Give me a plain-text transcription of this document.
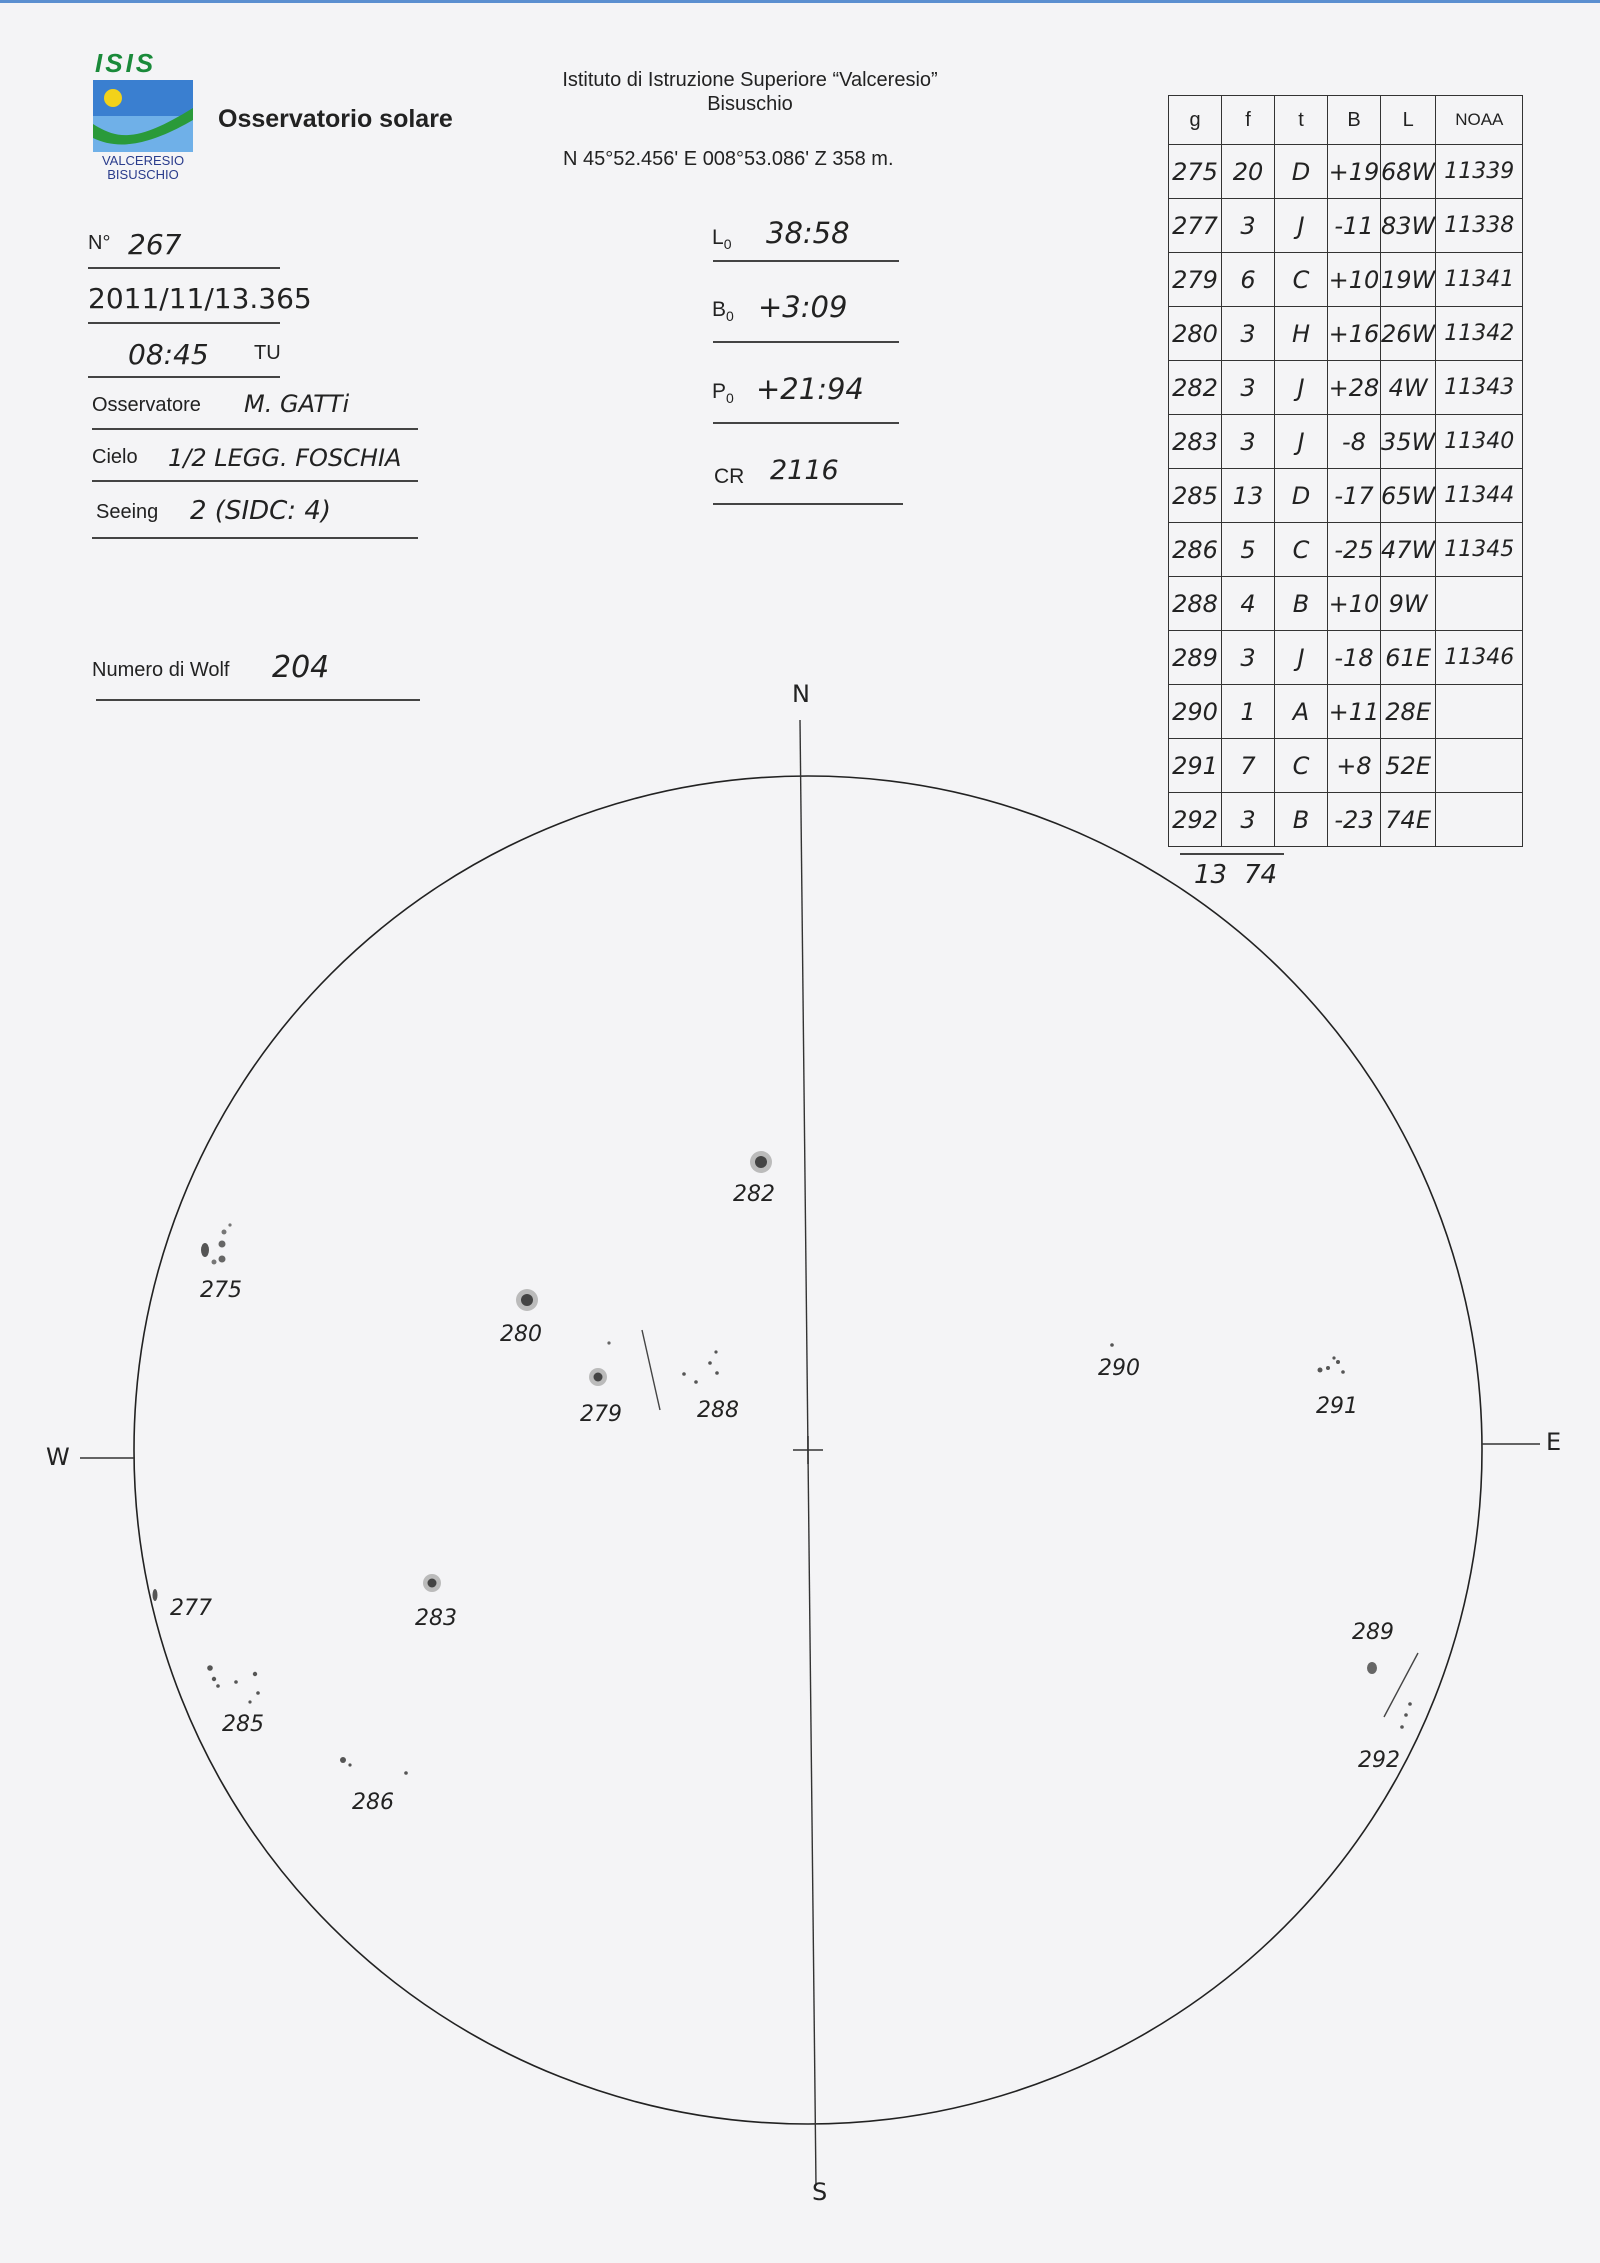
ISIS
VALCERESIO
BISUSCHIO
Osservatorio solare
Istituto di Istruzione Superiore “Valceresio”
Bisuschio
N 45°52.456' E 008°53.086' Z 358 m.
N° 267
2011/11/13.365
08:45 TU
Osservatore M. GATTi
Cielo 1/2 LEGG. FOSCHIA
Seeing 2 (SIDC: 4)
Numero di Wolf 204
$L_0$ 38:58
$B_0$ +3:09
$P_0$ +21:94
CR 2116
g	f	t	B	L	NOAA
275	20	D	+19	68W	11339
277	3	J	-11	83W	11338
279	6	C	+10	19W	11341
280	3	H	+16	26W	11342
282	3	J	+28	4W	11343
283	3	J	-8	35W	11340
285	13	D	-17	65W	11344
286	5	C	-25	47W	11345
288	4	B	+10	9W	
289	3	J	-18	61E	11346
290	1	A	+11	28E	
291	7	C	+8	52E	
292	3	B	-23	74E	
13 74
N
S
W
E
275
280
279	288
282
290
291
277	283
285
286
289
292
